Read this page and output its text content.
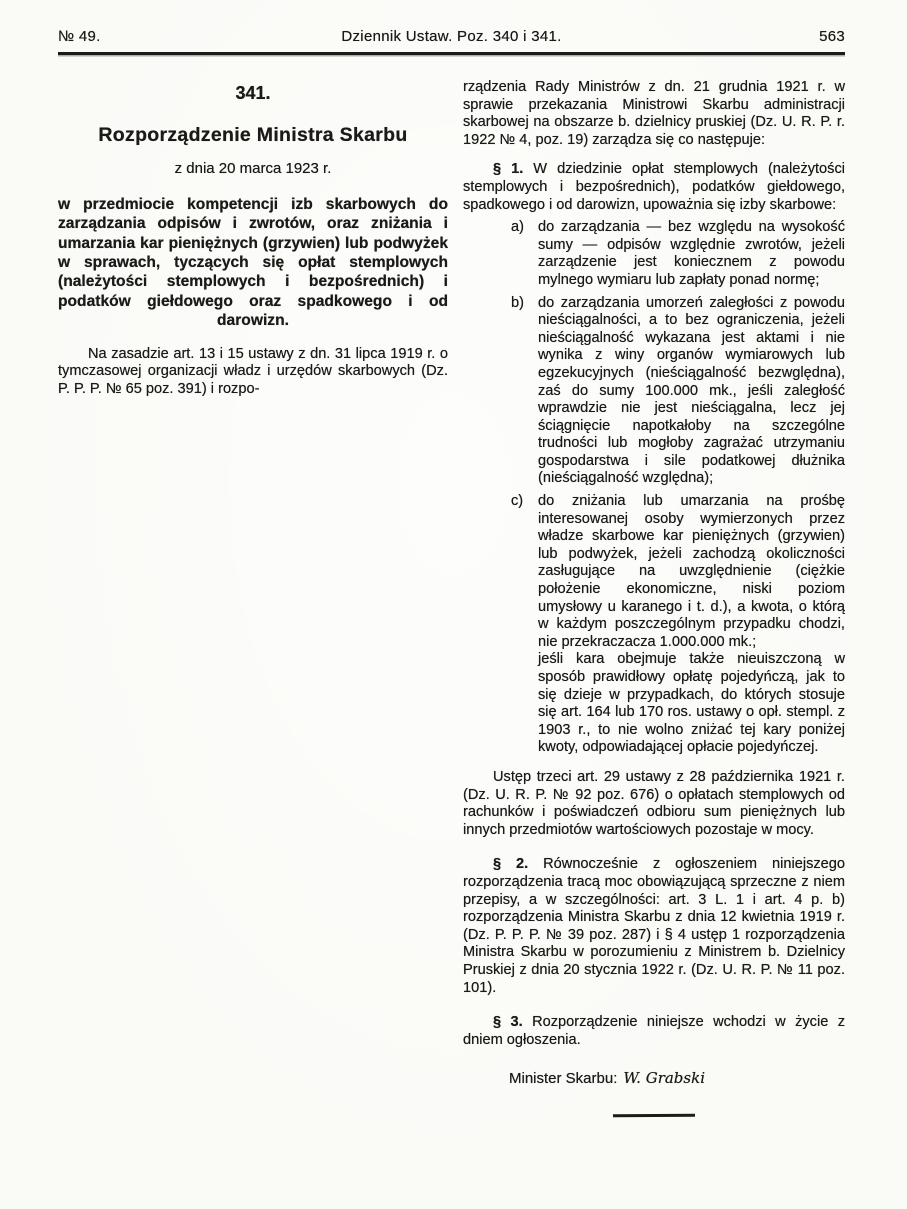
№ 49.	Dziennik Ustaw. Poz. 340 i 341.	563
341.
Rozporządzenie Ministra Skarbu
z dnia 20 marca 1923 r.
w przedmiocie kompetencji izb skarbowych do zarządzania odpisów i zwrotów, oraz zniżania i umarzania kar pieniężnych (grzywien) lub podwyżek w sprawach, tyczących się opłat stemplowych (należytości stemplowych i bezpośrednich) i podatków giełdowego oraz spadkowego i od darowizn.

Na zasadzie art. 13 i 15 ustawy z dn. 31 lipca 1919 r. o tymczasowej organizacji władz i urzędów skarbowych (Dz. P. P. P. № 65 poz. 391) i rozpo-

rządzenia Rady Ministrów z dn. 21 grudnia 1921 r. w sprawie przekazania Ministrowi Skarbu administracji skarbowej na obszarze b. dzielnicy pruskiej (Dz. U. R. P. r. 1922 № 4, poz. 19) zarządza się co następuje:

§ 1. W dziedzinie opłat stemplowych (należytości stemplowych i bezpośrednich), podatków giełdowego, spadkowego i od darowizn, upoważnia się izby skarbowe:

a) do zarządzania — bez względu na wysokość sumy — odpisów względnie zwrotów, jeżeli zarządzenie jest koniecznem z powodu mylnego wymiaru lub zapłaty ponad normę;
b) do zarządzania umorzeń zaległości z powodu nieściągalności, a to bez ograniczenia, jeżeli nieściągalność wykazana jest aktami i nie wynika z winy organów wymiarowych lub egzekucyjnych (nieściągalność bezwględna), zaś do sumy 100.000 mk., jeśli zaległość wprawdzie nie jest nieściągalna, lecz jej ściągnięcie napotkałoby na szczególne trudności lub mogłoby zagrażać utrzymaniu gospodarstwa i sile podatkowej dłużnika (nieściągalność względna);
c)	do zniżania lub umarzania na prośbę interesowanej osoby wymierzonych przez władze skarbowe kar pieniężnych (grzywien) lub podwyżek, jeżeli zachodzą okoliczności zasługujące na uwzględnienie (ciężkie położenie ekonomiczne, niski poziom umysłowy u karanego i t. d.), a kwota, o którą w każdym poszczególnym przypadku chodzi, nie przekraczacza 1.000.000 mk.;
jeśli kara obejmuje także nieuiszczoną w sposób prawidłowy opłatę pojedyńczą, jak to się dzieje w przypadkach, do których stosuje się art. 164 lub 170 ros. ustawy o opł. stempl. z 1903 r., to nie wolno zniżać tej kary poniżej kwoty, odpowiadającej opłacie pojedyńczej.

Ustęp trzeci art. 29 ustawy z 28 października 1921 r. (Dz. U. R. P. № 92 poz. 676) o opłatach stemplowych od rachunków i poświadczeń odbioru sum pieniężnych lub innych przedmiotów wartościowych pozostaje w mocy.

§ 2. Równocześnie z ogłoszeniem niniejszego rozporządzenia tracą moc obowiązującą sprzeczne z niem przepisy, a w szczególności: art. 3 L. 1 i art. 4 p. b) rozporządzenia Ministra Skarbu z dnia 12 kwietnia 1919 r. (Dz. P. P. P. № 39 poz. 287) i § 4 ustęp 1 rozporządzenia Ministra Skarbu w porozumieniu z Ministrem b. Dzielnicy Pruskiej z dnia 20 stycznia 1922 r. (Dz. U. R. P. № 11 poz. 101).

§ 3. Rozporządzenie niniejsze wchodzi w życie z dniem ogłoszenia.

Minister Skarbu: W. Grabski
